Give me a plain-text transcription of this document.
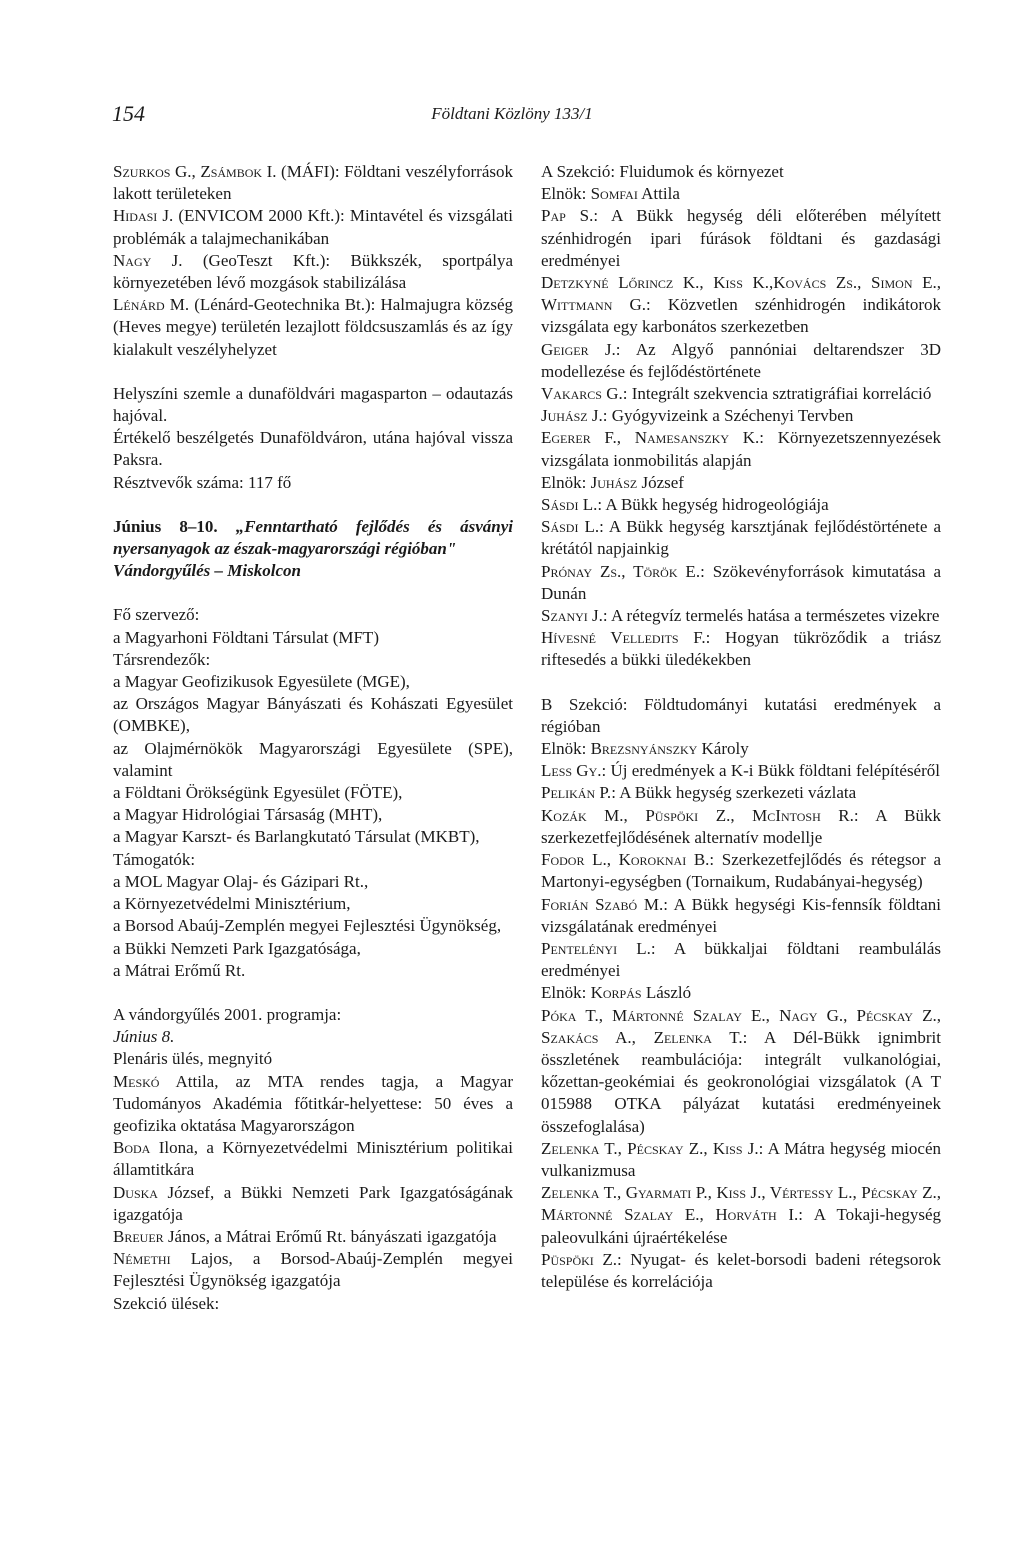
154	Földtani Közlöny 133/1

Szurkos G., Zsámbok I. (MÁFI): Földtani veszélyforrások lakott területeken

Hidasi J. (ENVICOM 2000 Kft.): Mintavétel és vizsgálati problémák a talajmechanikában

Nagy J. (GeoTeszt Kft.): Bükkszék, sportpálya környezetében lévő mozgások stabilizálása

Lénárd M. (Lénárd-Geotechnika Bt.): Halmajugra község (Heves megye) területén lezajlott földcsuszamlás és az így kialakult veszélyhelyzet

Helyszíni szemle a dunaföldvári magasparton – odautazás hajóval.

Értékelő beszélgetés Dunaföldváron, utána hajóval vissza Paksra.

Résztvevők száma: 117 fő

Június 8–10. „Fenntartható fejlődés és ásványi nyersanyagok az észak-magyarországi régióban"

Vándorgyűlés – Miskolcon

Fő szervező:

a Magyarhoni Földtani Társulat (MFT)

Társrendezők:

a Magyar Geofizikusok Egyesülete (MGE),

az Országos Magyar Bányászati és Kohászati Egyesület (OMBKE),

az Olajmérnökök Magyarországi Egyesülete (SPE), valamint

a Földtani Örökségünk Egyesület (FÖTE),

a Magyar Hidrológiai Társaság (MHT),

a Magyar Karszt- és Barlangkutató Társulat (MKBT),

Támogatók:

a MOL Magyar Olaj- és Gázipari Rt.,

a Környezetvédelmi Minisztérium,

a Borsod Abaúj-Zemplén megyei Fejlesztési Ügynökség,

a Bükki Nemzeti Park Igazgatósága,

a Mátrai Erőmű Rt.

A vándorgyűlés 2001. programja:

Június 8.

Plenáris ülés, megnyitó

Meskó Attila, az MTA rendes tagja, a Magyar Tudományos Akadémia főtitkár-helyettese: 50 éves a geofizika oktatása Magyarországon

Boda Ilona, a Környezetvédelmi Minisztérium politikai államtitkára

Duska József, a Bükki Nemzeti Park Igazgatóságának igazgatója

Breuer János, a Mátrai Erőmű Rt. bányászati igazgatója

Némethi Lajos, a Borsod-Abaúj-Zemplén megyei Fejlesztési Ügynökség igazgatója

Szekció ülések:

A Szekció: Fluidumok és környezet

Elnök: Somfai Attila

Pap S.: A Bükk hegység déli előterében mélyített szénhidrogén ipari fúrások földtani és gazdasági eredményei

Detzkyné Lőrincz K., Kiss K.,Kovács Zs., Simon E., Wittmann G.: Közvetlen szénhidrogén indikátorok vizsgálata egy karbonátos szerkezetben

Geiger J.: Az Algyő pannóniai deltarendszer 3D modellezése és fejlődéstörténete

Vakarcs G.: Integrált szekvencia sztratigráfiai korreláció

Juhász J.: Gyógyvizeink a Széchenyi Tervben

Egerer F., Namesanszky K.: Környezetszennyezések vizsgálata ionmobilitás alapján

Elnök: Juhász József

Sásdi L.: A Bükk hegység hidrogeológiája

Sásdi L.: A Bükk hegység karsztjának fejlődéstörténete a krétától napjainkig

Prónay Zs., Török E.: Szökevényforrások kimutatása a Dunán

Szanyi J.: A rétegvíz termelés hatása a természetes vizekre

Hívesné Velledits F.: Hogyan tükröződik a triász riftesedés a bükki üledékekben

B Szekció: Földtudományi kutatási eredmények a régióban

Elnök: Brezsnyánszky Károly

Less Gy.: Új eredmények a K-i Bükk földtani felépítéséről

Pelikán P.: A Bükk hegység szerkezeti vázlata

Kozák M., Püspöki Z., McIntosh R.: A Bükk szerkezetfejlődésének alternatív modellje

Fodor L., Koroknai B.: Szerkezetfejlődés és rétegsor a Martonyi-egységben (Tornaikum, Rudabányai-hegység)

Forián Szabó M.: A Bükk hegységi Kis-fennsík földtani vizsgálatának eredményei

Pentelényi L.: A bükkaljai földtani reambulálás eredményei

Elnök: Korpás László

Póka T., Mártonné Szalay E., Nagy G., Pécskay Z., Szakács A., Zelenka T.: A Dél-Bükk ignimbrit összletének reambulációja: integrált vulkanológiai, kőzettan-geokémiai és geokronológiai vizsgálatok (A T 015988 OTKA pályázat kutatási eredményeinek összefoglalása)

Zelenka T., Pécskay Z., Kiss J.: A Mátra hegység miocén vulkanizmusa

Zelenka T., Gyarmati P., Kiss J., Vértessy L., Pécskay Z., Mártonné Szalay E., Horváth I.: A Tokaji-hegység paleovulkáni újraértékelése

Püspöki Z.: Nyugat- és kelet-borsodi badeni rétegsorok települése és korrelációja
